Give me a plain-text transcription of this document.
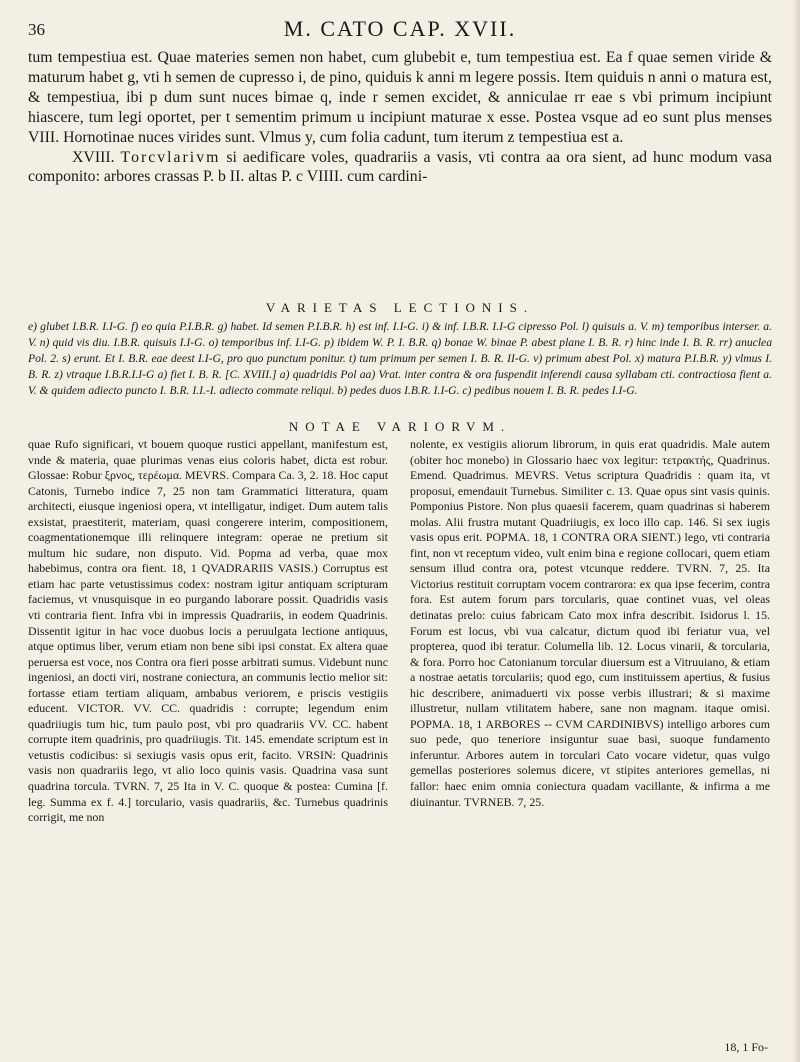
36	M. CATO CAP. XVII.

tum tempestiua est. Quae materies semen non habet, cum glubebit e, tum tempestiua est. Ea f quae semen viride & maturum habet g, vti h semen de cupresso i, de pino, quiduis k anni m legere possis. Item quiduis n anni o matura est, & tempestiua, ibi p dum sunt nuces bimae q, inde r semen excidet, & anniculae rr eae s vbi primum incipiunt hiascere, tum legi oportet, per t sementim primum u incipiunt maturae x esse. Postea vsque ad eo sunt plus menses VIII. Hornotinae nuces virides sunt. Vlmus y, cum folia cadunt, tum iterum z tempestiua est a.

XVIII. Torcvlarivm si aedificare voles, quadrariis a vasis, vti contra aa ora sient, ad hunc modum vasa componito: arbores crassas P. b II. altas P. c VIIII. cum cardini-

VARIETAS LECTIONIS.

e) glubet I.B.R. I.I-G. f) eo quia P.I.B.R. g) habet. Id semen P.I.B.R. h) est inf. I.I-G. i) & inf. I.B.R. I.I-G cipresso Pol. l) quisuis a. V. m) temporibus interser. a. V. n) quid vis diu. I.B.R. quisuis I.I-G. o) temporibus inf. I.I-G. p) ibidem W. P. I. B.R. q) bonae W. binae P. abest plane I. B. R. r) hinc inde I. B. R. rr) anuclea Pol. 2. s) erunt. Et I. B.R. eae deest I.I-G, pro quo punctum ponitur. t) tum primum per semen I. B. R. II-G. v) primum abest Pol. x) matura P.I.B.R. y) vlmus I. B. R. z) vtraque I.B.R.I.I-G a) fiet I. B. R. [C. XVIII.] a) quadridis Pol aa) Vrat. inter contra & ora fuspendit inferendi causa syllabam cti. contractiosa fient a. V. & quidem adiecto puncto I. B.R. I.I.-I. adiecto commate reliqui. b) pedes duos I.B.R. I.I-G. c) pedibus nouem I. B. R. pedes I.I-G.

NOTAE VARIORVM.

quae Rufo significari, vt bouem quoque rustici appellant, manifestum est, vnde & materia, quae plurimas venas eius coloris habet, dicta est robur. Glossae: Robur ξρνος, τερέωμα. MEVRS. Compara Ca. 3, 2. 18. Hoc caput Catonis, Turnebo indice 7, 25 non tam Grammatici litteratura, quam architecti, eiusque ingeniosi opera, vt intelligatur, indiget. Dum autem talis exsistat, praestiterit, materiam, quasi congerere interim, compositionem, coagmentationemque illi relinquere integram: operae ne pretium sit multum hic sudare, non disputo. Vid. Popma ad verba, quae mox habebimus, contra ora fient. 18, 1 QVADRARIIS VASIS.) Corruptus est etiam hac parte vetustissimus codex: nostram igitur antiquam scripturam faciemus, vt vnusquisque in eo purgando laborare possit. Quadridis vasis vti contraria fient. Infra vbi in impressis Quadrariis, in eodem Quadrinis. Dissentit igitur in hac voce duobus locis a peruulgata lectione antiquus, atque optimus liber, verum etiam non bene sibi ipsi constat. Ex altera quae peruersa est voce, nos Contra ora fieri posse arbitrati sumus. Videbunt nunc ingeniosi, an docti viri, nostrane coniectura, an communis lectio melior sit: fortasse etiam tertiam aliquam, ambabus veriorem, e priscis vestigiis educent. VICTOR. VV. CC. quadridis : corrupte; legendum enim quadriiugis tum hic, tum paulo post, vbi pro quadrariis VV. CC. habent corrupte item quadrinis, pro quadriiugis. Tit. 145. emendate scriptum est in vetustis codicibus: si sexiugis vasis opus erit, facito. VRSIN: Quadrinis vasis non quadrariis lego, vt alio loco quinis vasis. Quadrina vasa sunt quadrina torcula. TVRN. 7, 25 Ita in V. C. quoque & postea: Cumina [f. leg. Summa ex f. 4.] torculario, vasis quadrariis, &c. Turnebus quadrinis corrigit, me non

nolente, ex vestigiis aliorum librorum, in quis erat quadridis. Male autem (obiter hoc monebo) in Glossario haec vox legitur: τετρακτής, Quadrinus. Emend. Quadrimus. MEVRS. Vetus scriptura Quadridis : quam ita, vt proposui, emendauit Turnebus. Similiter c. 13. Quae opus sint vasis quinis. Pomponius Pistore. Non plus quaesii facerem, quam quadrinas si haberem molas. Alii frustra mutant Quadriiugis, ex loco illo cap. 146. Si sex iugis vasis opus erit. POPMA. 18, 1 CONTRA ORA SIENT.) lego, vti contraria fint, non vt receptum video, vult enim bina e regione collocari, quem etiam sensum illud contra ora, potest vtcunque reddere. TVRN. 7, 25. Ita Victorius restituit corruptam vocem contrarora: ex qua ipse fecerim, contra fora. Est autem forum pars torcularis, quae continet vuas, vel oleas detinatas prelo: cuius fabricam Cato mox infra describit. Isidorus l. 15. Forum est locus, vbi vua calcatur, dictum quod ibi feriatur vua, vel propterea, quod ibi teratur. Columella lib. 12. Locus vinarii, & torcularia, & fora. Porro hoc Catonianum torcular diuersum est a Vitruuiano, & etiam a nostrae aetatis torculariis; quod ego, cum instituissem apertius, & fusius hic describere, animaduerti vix posse verbis illustrari; & si maxime illustretur, nullam vtilitatem habere, sane non magnam. itaque omisi. POPMA. 18, 1 ARBORES -- CVM CARDINIBVS) intelligo arbores cum suo pede, quo teneriore insiguntur suae basi, suoque fundamento inferuntur. Arbores autem in torculari Cato vocare videtur, quas vulgo gemellas posteriores solemus dicere, vt stipites anteriores gemellas, ni fallor: haec enim omnia coniectura quadam vacillante, & infirma a me diuinantur. TVRNEB. 7, 25.

18, 1 Fo-
